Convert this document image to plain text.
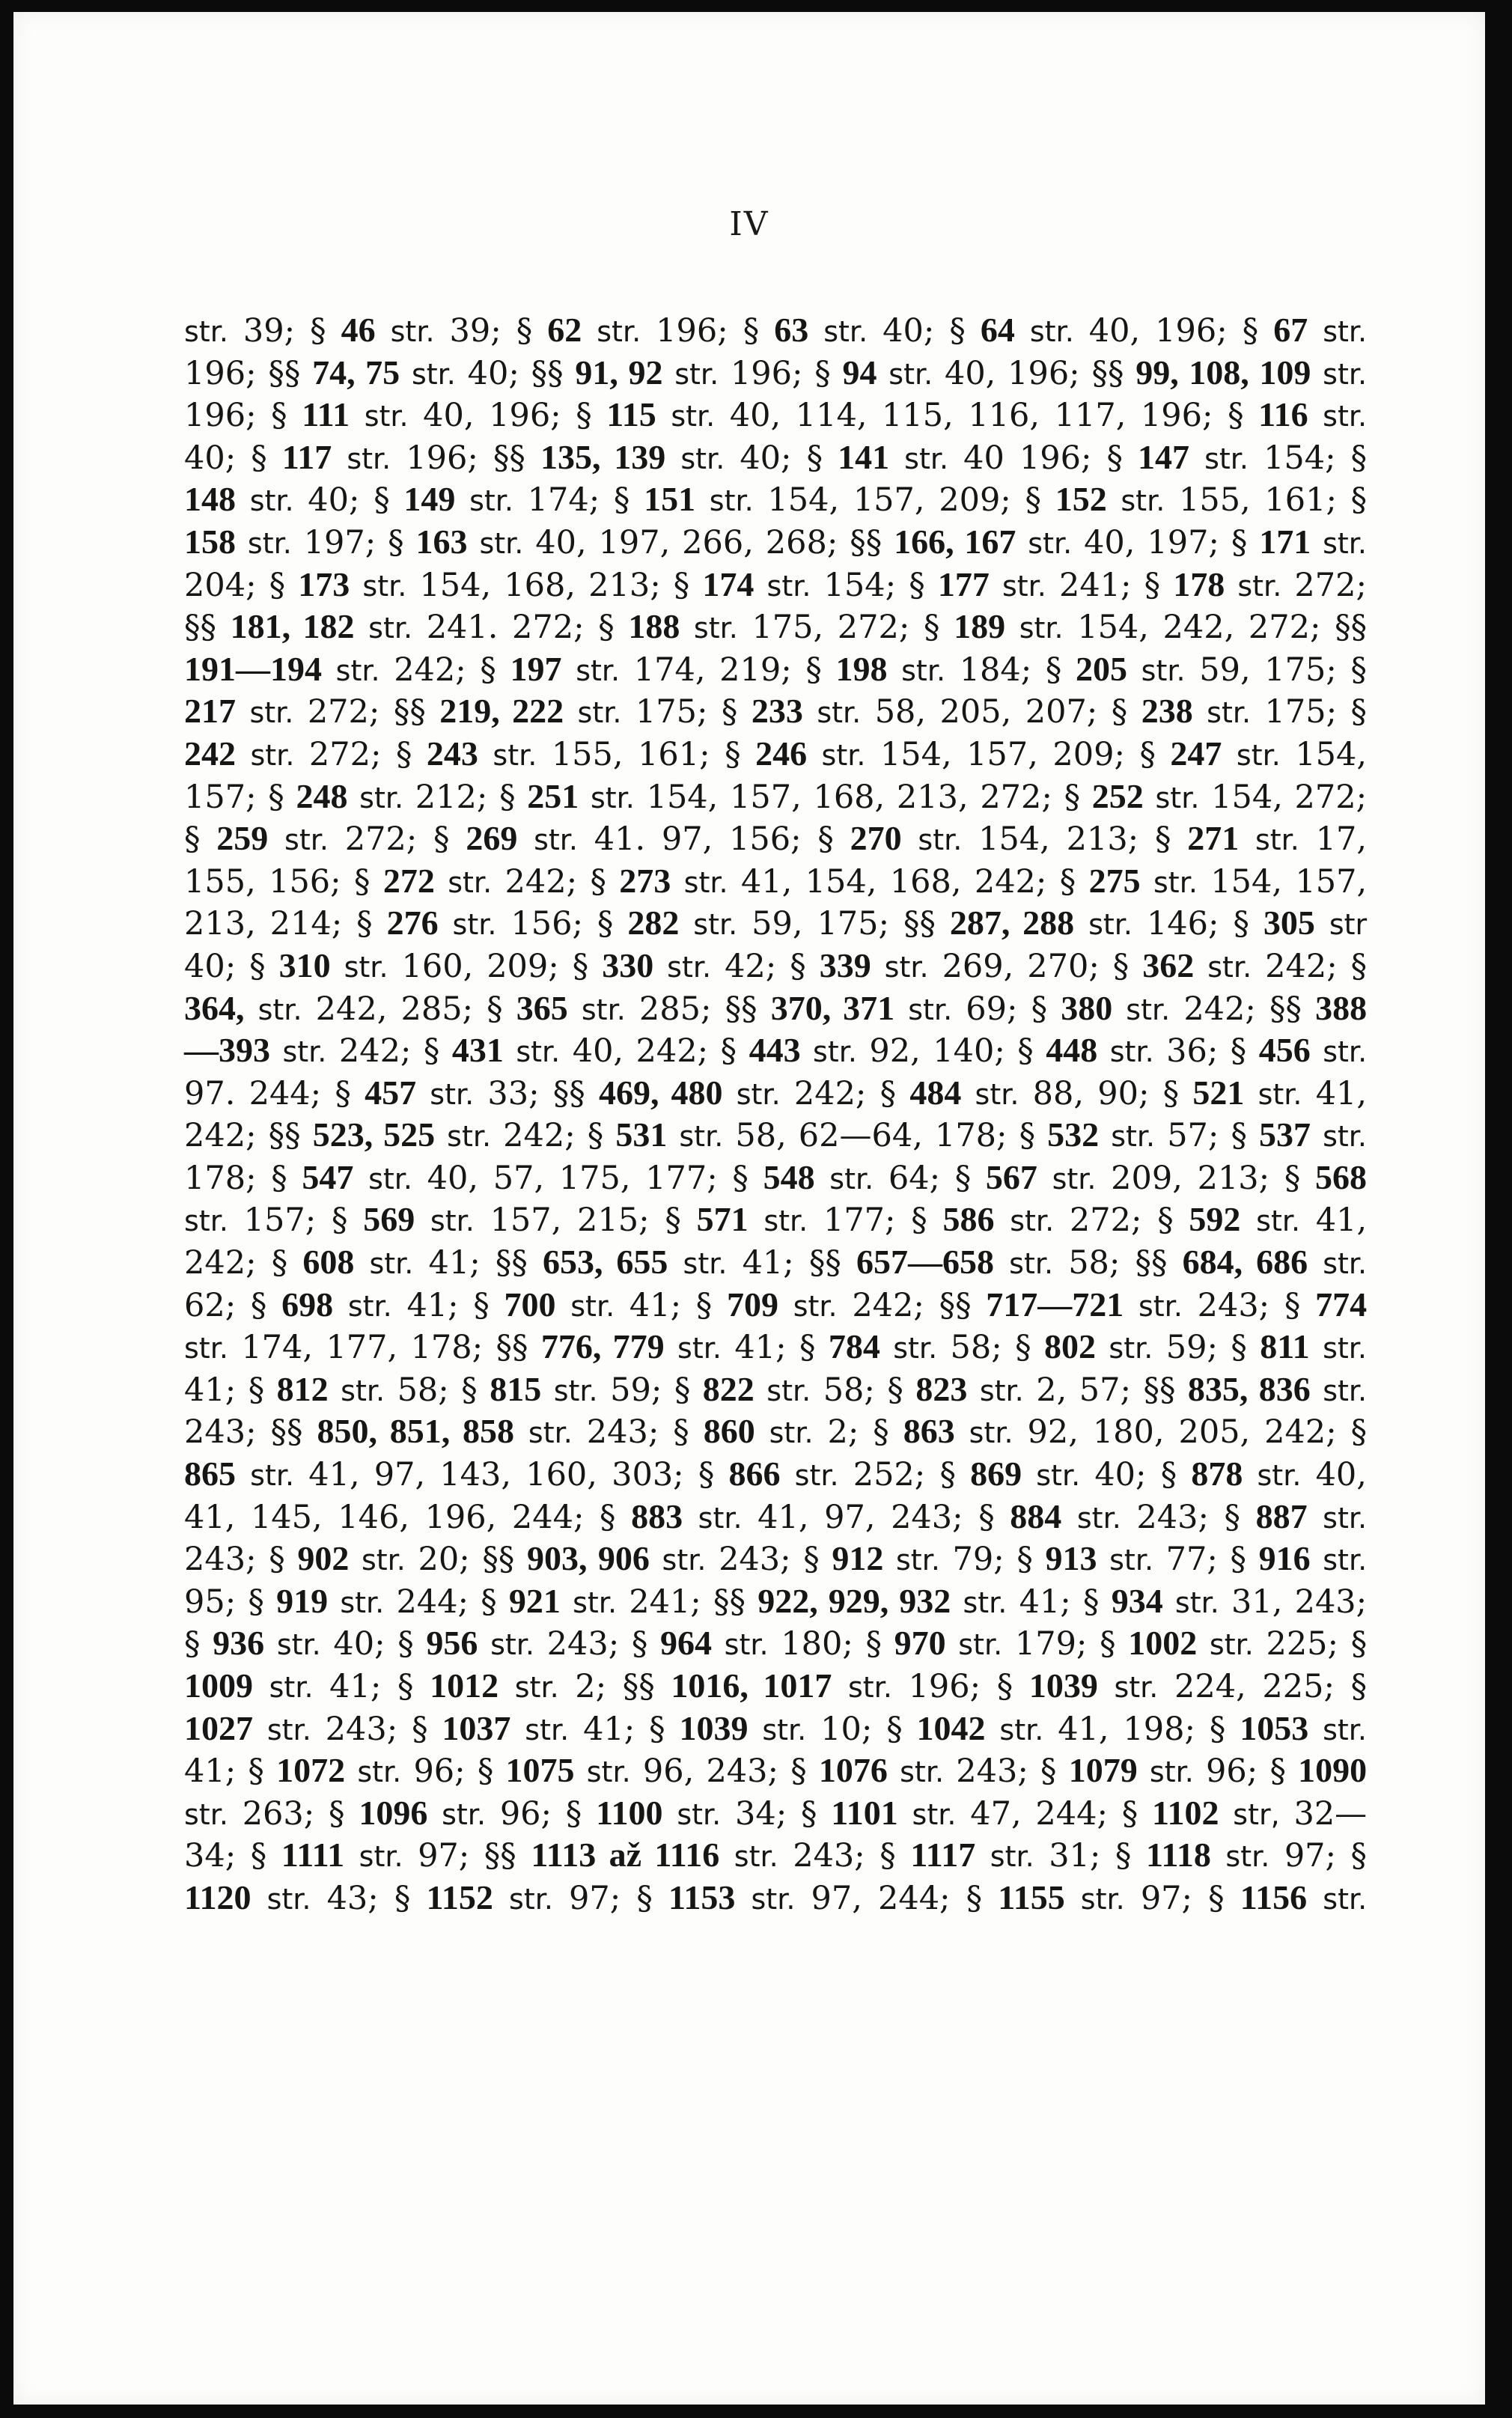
IV
str. 39; § 46 str. 39; § 62 str. 196; § 63 str. 40; § 64 str. 40, 196; § 67 str. 196; §§ 74, 75 str. 40; §§ 91, 92 str. 196; § 94 str. 40, 196; §§ 99, 108, 109 str. 196; § 111 str. 40, 196; § 115 str. 40, 114, 115, 116, 117, 196; § 116 str. 40; § 117 str. 196; §§ 135, 139 str. 40; § 141 str. 40 196; § 147 str. 154; § 148 str. 40; § 149 str. 174; § 151 str. 154, 157, 209; § 152 str. 155, 161; § 158 str. 197; § 163 str. 40, 197, 266, 268; §§ 166, 167 str. 40, 197; § 171 str. 204; § 173 str. 154, 168, 213; § 174 str. 154; § 177 str. 241; § 178 str. 272; §§ 181, 182 str. 241. 272; § 188 str. 175, 272; § 189 str. 154, 242, 272; §§ 191—194 str. 242; § 197 str. 174, 219; § 198 str. 184; § 205 str. 59, 175; § 217 str. 272; §§ 219, 222 str. 175; § 233 str. 58, 205, 207; § 238 str. 175; § 242 str. 272; § 243 str. 155, 161; § 246 str. 154, 157, 209; § 247 str. 154, 157; § 248 str. 212; § 251 str. 154, 157, 168, 213, 272; § 252 str. 154, 272; § 259 str. 272; § 269 str. 41. 97, 156; § 270 str. 154, 213; § 271 str. 17, 155, 156; § 272 str. 242; § 273 str. 41, 154, 168, 242; § 275 str. 154, 157, 213, 214; § 276 str. 156; § 282 str. 59, 175; §§ 287, 288 str. 146; § 305 str 40; § 310 str. 160, 209; § 330 str. 42; § 339 str. 269, 270; § 362 str. 242; § 364, str. 242, 285; § 365 str. 285; §§ 370, 371 str. 69; § 380 str. 242; §§ 388—393 str. 242; § 431 str. 40, 242; § 443 str. 92, 140; § 448 str. 36; § 456 str. 97. 244; § 457 str. 33; §§ 469, 480 str. 242; § 484 str. 88, 90; § 521 str. 41, 242; §§ 523, 525 str. 242; § 531 str. 58, 62—64, 178; § 532 str. 57; § 537 str. 178; § 547 str. 40, 57, 175, 177; § 548 str. 64; § 567 str. 209, 213; § 568 str. 157; § 569 str. 157, 215; § 571 str. 177; § 586 str. 272; § 592 str. 41, 242; § 608 str. 41; §§ 653, 655 str. 41; §§ 657—658 str. 58; §§ 684, 686 str. 62; § 698 str. 41; § 700 str. 41; § 709 str. 242; §§ 717—721 str. 243; § 774 str. 174, 177, 178; §§ 776, 779 str. 41; § 784 str. 58; § 802 str. 59; § 811 str. 41; § 812 str. 58; § 815 str. 59; § 822 str. 58; § 823 str. 2, 57; §§ 835, 836 str. 243; §§ 850, 851, 858 str. 243; § 860 str. 2; § 863 str. 92, 180, 205, 242; § 865 str. 41, 97, 143, 160, 303; § 866 str. 252; § 869 str. 40; § 878 str. 40, 41, 145, 146, 196, 244; § 883 str. 41, 97, 243; § 884 str. 243; § 887 str. 243; § 902 str. 20; §§ 903, 906 str. 243; § 912 str. 79; § 913 str. 77; § 916 str. 95; § 919 str. 244; § 921 str. 241; §§ 922, 929, 932 str. 41; § 934 str. 31, 243; § 936 str. 40; § 956 str. 243; § 964 str. 180; § 970 str. 179; § 1002 str. 225; § 1009 str. 41; § 1012 str. 2; §§ 1016, 1017 str. 196; § 1039 str. 224, 225; § 1027 str. 243; § 1037 str. 41; § 1039 str. 10; § 1042 str. 41, 198; § 1053 str. 41; § 1072 str. 96; § 1075 str. 96, 243; § 1076 str. 243; § 1079 str. 96; § 1090 str. 263; § 1096 str. 96; § 1100 str. 34; § 1101 str. 47, 244; § 1102 str, 32—34; § 1111 str. 97; §§ 1113 až 1116 str. 243; § 1117 str. 31; § 1118 str. 97; § 1120 str. 43; § 1152 str. 97; § 1153 str. 97, 244; § 1155 str. 97; § 1156 str.
